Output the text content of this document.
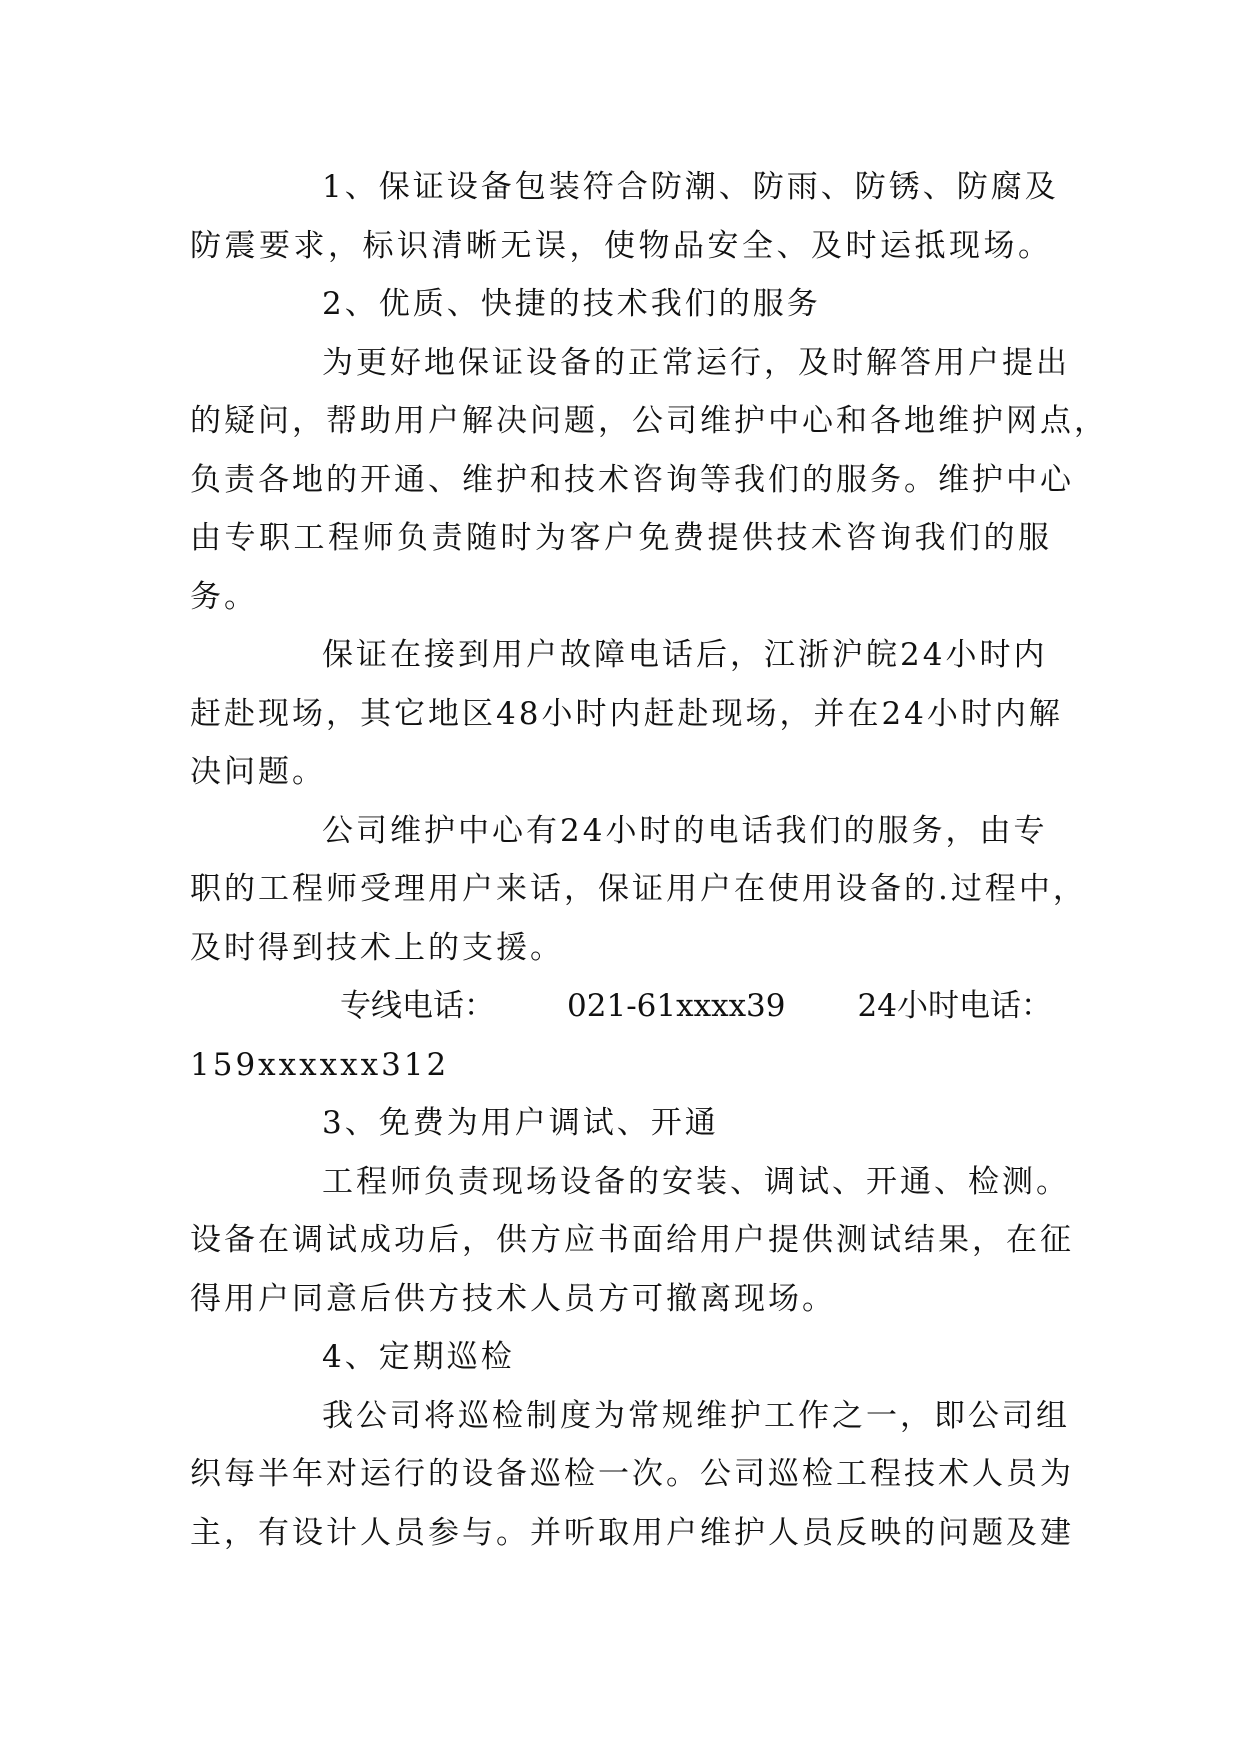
1、保证设备包装符合防潮、防雨、防锈、防腐及
防震要求，标识清晰无误，使物品安全、及时运抵现场。
2、优质、快捷的技术我们的服务
为更好地保证设备的正常运行，及时解答用户提出
的疑问，帮助用户解决问题，公司维护中心和各地维护网点，
负责各地的开通、维护和技术咨询等我们的服务。维护中心
由专职工程师负责随时为客户免费提供技术咨询我们的服
务。
保证在接到用户故障电话后，江浙沪皖24小时内
赶赴现场，其它地区48小时内赶赴现场，并在24小时内解
决问题。
公司维护中心有24小时的电话我们的服务，由专
职的工程师受理用户来话，保证用户在使用设备的.过程中，
及时得到技术上的支援。
专线电话： 021-61xxxx39 24小时电话：
159xxxxxx312
3、免费为用户调试、开通
工程师负责现场设备的安装、调试、开通、检测。
设备在调试成功后，供方应书面给用户提供测试结果，在征
得用户同意后供方技术人员方可撤离现场。
4、定期巡检
我公司将巡检制度为常规维护工作之一，即公司组
织每半年对运行的设备巡检一次。公司巡检工程技术人员为
主，有设计人员参与。并听取用户维护人员反映的问题及建
